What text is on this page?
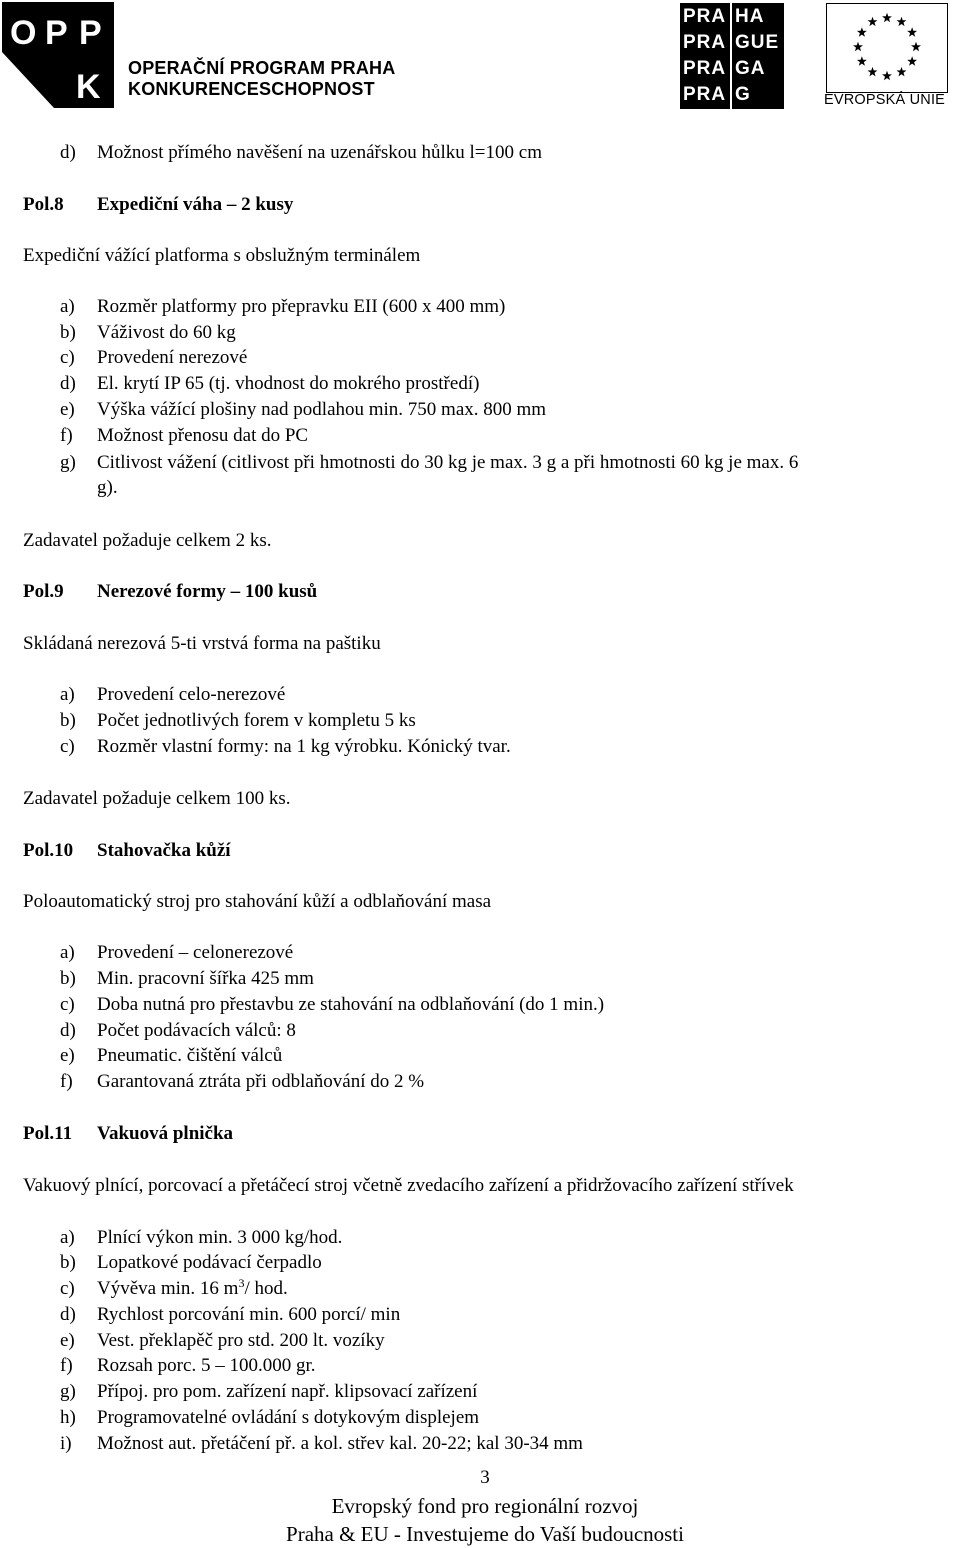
O P P
K OPERAČNÍ PROGRAM PRAHA
KONKURENCESCHOPNOST
PRA HA
PRA GUE
PRA GA
PRA G	EVROPSKÁ UNIE
d) Možnost přímého navěšení na uzenářskou hůlku l=100 cm
Pol.8 Expediční váha – 2 kusy
Expediční vážící platforma s obslužným terminálem
a) Rozměr platformy pro přepravku EII (600 x 400 mm)
b) Váživost do 60 kg
c) Provedení nerezové
d) El. krytí IP 65 (tj. vhodnost do mokrého prostředí)
e) Výška vážící plošiny nad podlahou min. 750 max. 800 mm
f) Možnost přenosu dat do PC
g) Citlivost vážení (citlivost při hmotnosti do 30 kg je max. 3 g a při hmotnosti 60 kg je max. 6
g).
Zadavatel požaduje celkem 2 ks.
Pol.9 Nerezové formy – 100 kusů
Skládaná nerezová 5-ti vrstvá forma na paštiku
a) Provedení celo-nerezové
b) Počet jednotlivých forem v kompletu 5 ks
c) Rozměr vlastní formy: na 1 kg výrobku. Kónický tvar.
Zadavatel požaduje celkem 100 ks.
Pol.10 Stahovačka kůží
Poloautomatický stroj pro stahování kůží a odblaňování masa
a) Provedení – celonerezové
b) Min. pracovní šířka 425 mm
c) Doba nutná pro přestavbu ze stahování na odblaňování (do 1 min.)
d) Počet podávacích válců: 8
e) Pneumatic. čištění válců
f) Garantovaná ztráta při odblaňování do 2 %
Pol.11 Vakuová plnička
Vakuový plnící, porcovací a přetáčecí stroj včetně zvedacího zařízení a přidržovacího zařízení střívek
a) Plnící výkon min. 3 000 kg/hod.
b) Lopatkové podávací čerpadlo
c) Vývěva min. 16 $m^3/$ hod.
d) Rychlost porcování min. 600 porcí/ min
e) Vest. překlapěč pro std. 200 lt. vozíky
f) Rozsah porc. 5 – 100.000 gr.
g) Přípoj. pro pom. zařízení např. klipsovací zařízení
h) Programovatelné ovládání s dotykovým displejem
i) Možnost aut. přetáčení př. a kol. střev kal. 20-22; kal 30-34 mm
3
Evropský fond pro regionální rozvoj
Praha & EU - Investujeme do Vaší budoucnosti
